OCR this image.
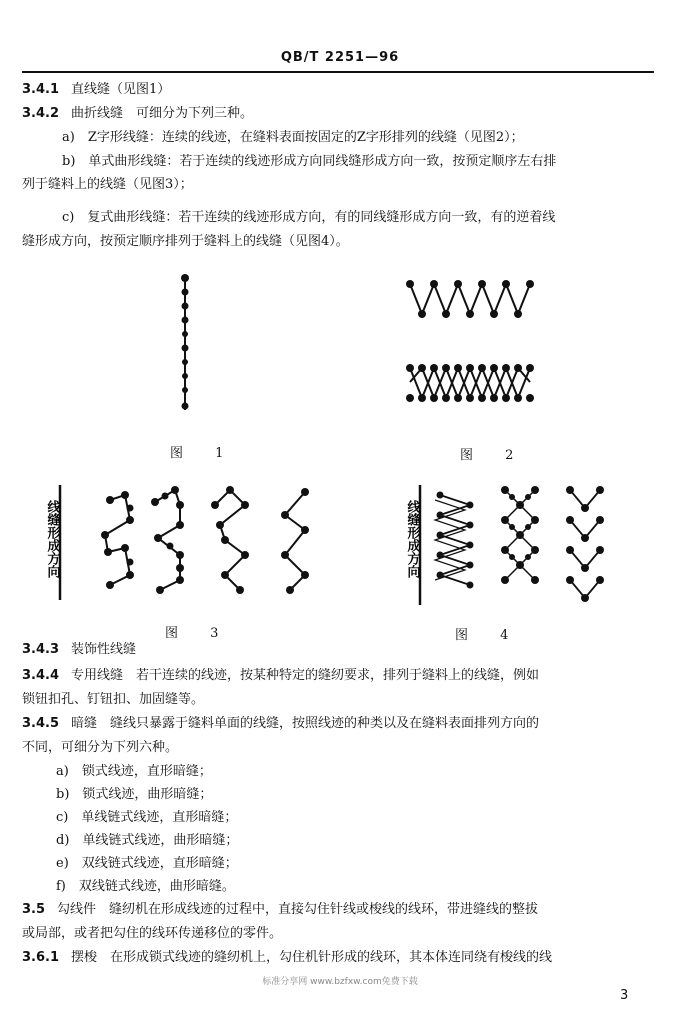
QB/T 2251—96
3.4.1 直线缝（见图1）
3.4.2 曲折线缝　可细分为下列三种。
a)　Z字形线缝：连续的线迹，在缝料表面按固定的Z字形排列的线缝（见图2）；
b)　单式曲形线缝：若于连续的线迹形成方向同线缝形成方向一致，按预定顺序左右排
列于缝料上的线缝（见图3）；
c)　复式曲形线缝：若干连续的线迹形成方向，有的同线缝形成方向一致，有的逆着线
缝形成方向，按预定顺序排列于缝料上的线缝（见图4）。
图 1	图 2
线缝形成方向
图 3
线缝形成方向
图 4
3.4.3 装饰性线缝
3.4.4 专用线缝　若干连续的线迹，按某种特定的缝纫要求，排列于缝料上的线缝，例如
锁钮扣孔、钉钮扣、加固缝等。
3.4.5 暗缝　缝线只暴露于缝料单面的线缝，按照线迹的种类以及在缝料表面排列方向的
不同，可细分为下列六种。
a)　锁式线迹，直形暗缝；
b)　锁式线迹，曲形暗缝；
c)　单线链式线迹，直形暗缝；
d)　单线链式线迹，曲形暗缝；
e)　双线链式线迹，直形暗缝；
f)　双线链式线迹，曲形暗缝。
3.5 勾线件　缝纫机在形成线迹的过程中，直接勾住针线或梭线的线环，带进缝线的整拔
或局部，或者把勾住的线环传递移位的零件。
3.6.1 摆梭　在形成锁式线迹的缝纫机上，勾住机针形成的线环，其本体连同绕有梭线的线
标准分享网 www.bzfxw.com免费下载
3
